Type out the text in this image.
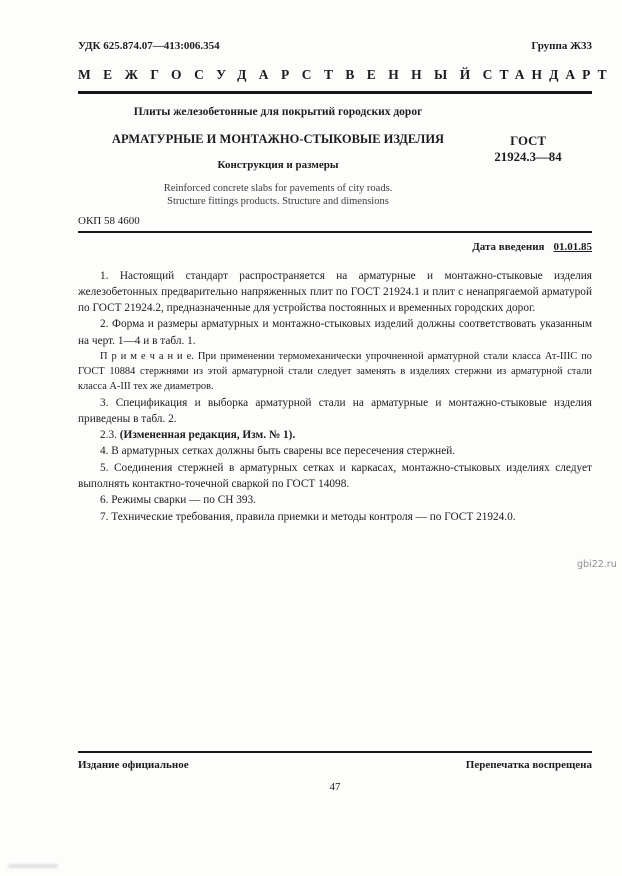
УДК 625.874.07—413:006.354	Группа Ж33
МЕЖГОСУДАРСТВЕННЫЙ СТАНДАРТ
Плиты железобетонные для покрытий городских дорог
АРМАТУРНЫЕ И МОНТАЖНО-СТЫКОВЫЕ ИЗДЕЛИЯ
Конструкция и размеры
Reinforced concrete slabs for pavements of city roads.
Structure fittings products. Structure and dimensions
ОКП 58 4600
Дата введения 01.01.85

1. Настоящий стандарт распространяется на арматурные и монтажно-стыковые изделия железобетонных предварительно напряженных плит по ГОСТ 21924.1 и плит с ненапрягаемой арматурой по ГОСТ 21924.2, предназначенные для устройства постоянных и временных городских дорог.

2. Форма и размеры арматурных и монтажно-стыковых изделий должны соответствовать указанным на черт. 1—4 и в табл. 1.

П р и м е ч а н и е. При применении термомеханически упрочненной арматурной стали класса Ат-IIIС по ГОСТ 10884 стержнями из этой арматурной стали следует заменять в изделиях стержни из арматурной стали класса А-III тех же диаметров.

3. Спецификация и выборка арматурной стали на арматурные и монтажно-стыковые изделия приведены в табл. 2.

2.3. (Измененная редакция, Изм. № 1).

4. В арматурных сетках должны быть сварены все пересечения стержней.

5. Соединения стержней в арматурных сетках и каркасах, монтажно-стыковых изделиях следует выполнять контактно-точечной сваркой по ГОСТ 14098.

6. Режимы сварки — по СН 393.

7. Технические требования, правила приемки и методы контроля — по ГОСТ 21924.0.

ГОСТ
21924.3—84
gbi22.ru
Издание официальное	Перепечатка воспрещена
47
